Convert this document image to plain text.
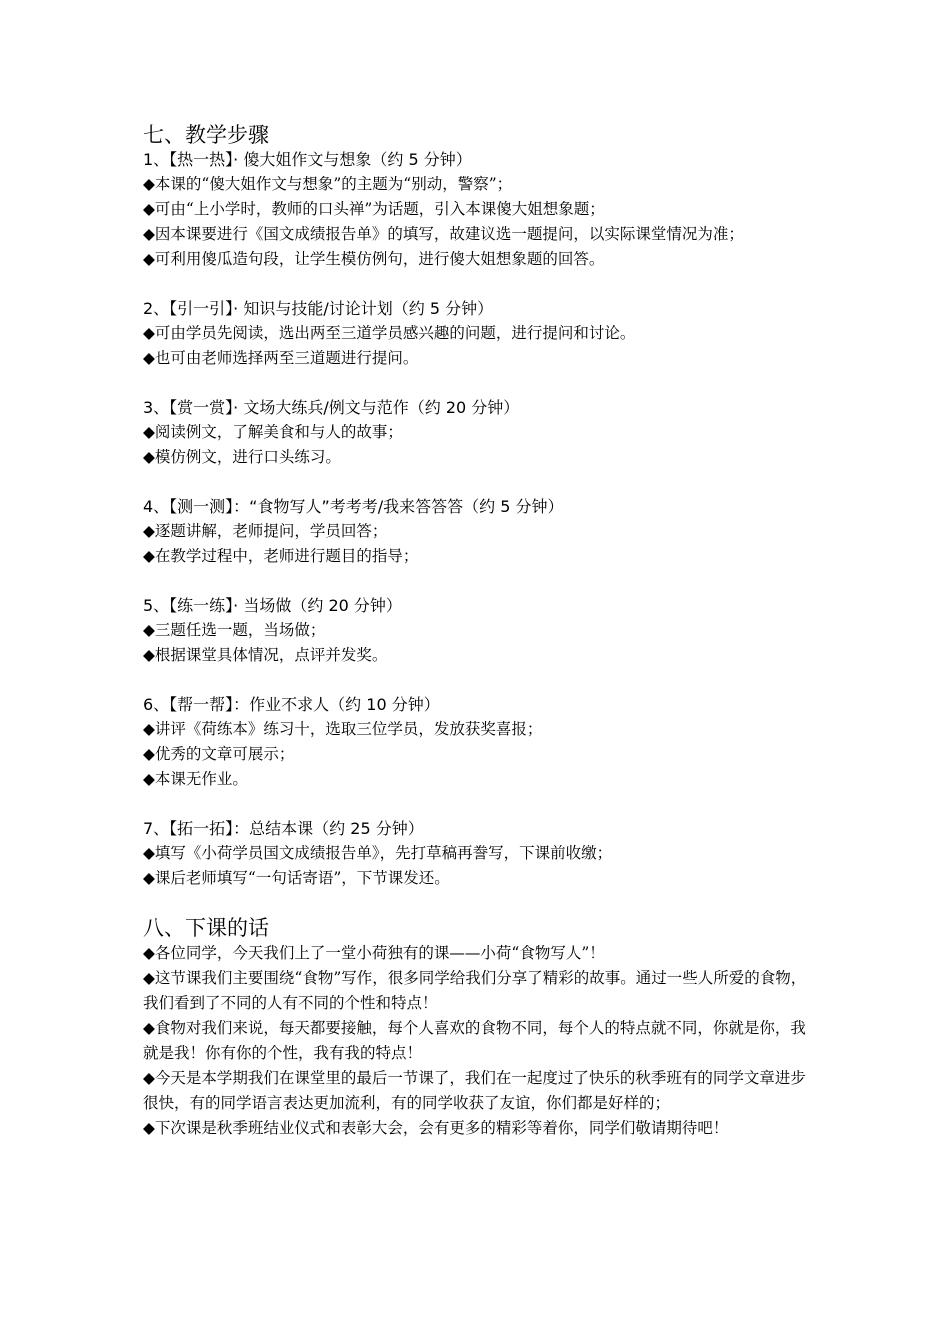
七、教学步骤
1、【热一热】· 傻大姐作文与想象（约 5 分钟）
◆本课的“傻大姐作文与想象”的主题为“别动，警察”；
◆可由“上小学时，教师的口头禅”为话题，引入本课傻大姐想象题；
◆因本课要进行《国文成绩报告单》的填写，故建议选一题提问，以实际课堂情况为准；
◆可利用傻瓜造句段，让学生模仿例句，进行傻大姐想象题的回答。
2、【引一引】· 知识与技能/讨论计划（约 5 分钟）
◆可由学员先阅读，选出两至三道学员感兴趣的问题，进行提问和讨论。
◆也可由老师选择两至三道题进行提问。
3、【赏一赏】· 文场大练兵/例文与范作（约 20 分钟）
◆阅读例文，了解美食和与人的故事；
◆模仿例文，进行口头练习。
4、【测一测】：“食物写人”考考考/我来答答答（约 5 分钟）
◆逐题讲解，老师提问，学员回答；
◆在教学过程中，老师进行题目的指导；
5、【练一练】· 当场做（约 20 分钟）
◆三题任选一题，当场做；
◆根据课堂具体情况，点评并发奖。
6、【帮一帮】：作业不求人（约 10 分钟）
◆讲评《荷练本》练习十，选取三位学员，发放获奖喜报；
◆优秀的文章可展示；
◆本课无作业。
7、【拓一拓】：总结本课（约 25 分钟）
◆填写《小荷学员国文成绩报告单》，先打草稿再誊写，下课前收缴；
◆课后老师填写“一句话寄语”，下节课发还。
八、下课的话
◆各位同学，今天我们上了一堂小荷独有的课——小荷“食物写人”！
◆这节课我们主要围绕“食物”写作，很多同学给我们分享了精彩的故事。通过一些人所爱的食物，我们看到了不同的人有不同的个性和特点！
◆食物对我们来说，每天都要接触，每个人喜欢的食物不同，每个人的特点就不同，你就是你，我就是我！你有你的个性，我有我的特点！
◆今天是本学期我们在课堂里的最后一节课了，我们在一起度过了快乐的秋季班有的同学文章进步很快，有的同学语言表达更加流利，有的同学收获了友谊，你们都是好样的；
◆下次课是秋季班结业仪式和表彰大会，会有更多的精彩等着你，同学们敬请期待吧！
